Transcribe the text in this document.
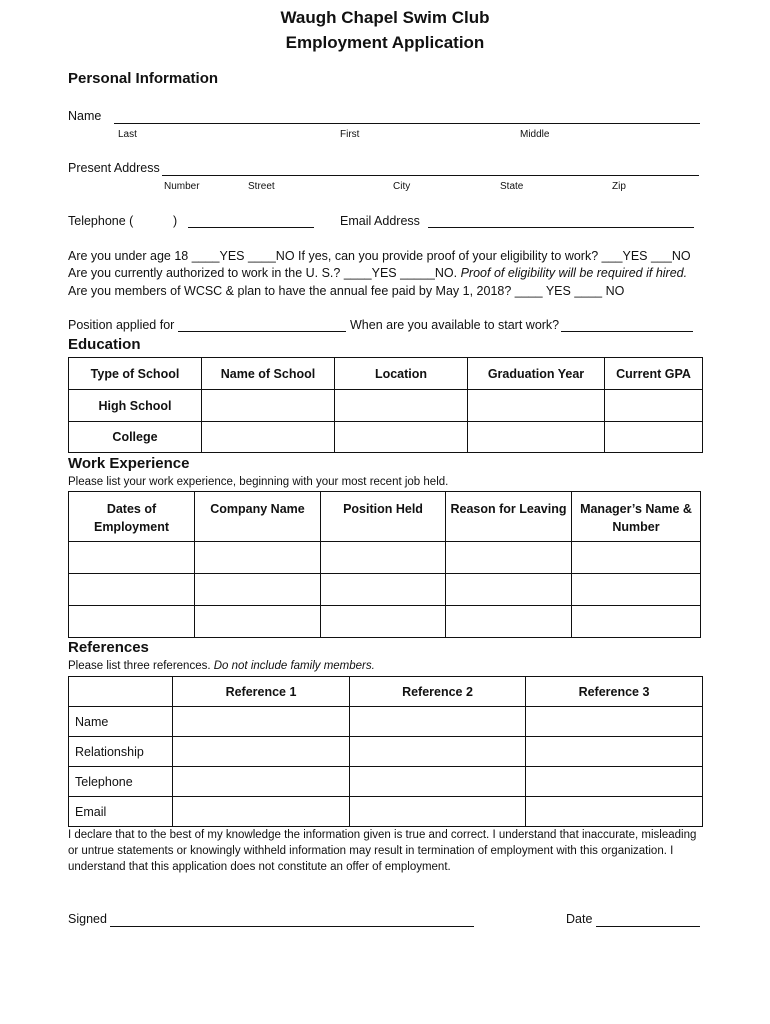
Waugh Chapel Swim Club
Employment Application
Personal Information
Name
Last	First	Middle
Present Address
Number	Street	City	State	Zip
Telephone (	)	Email Address
Are you under age 18 ____YES ____NO If yes, can you provide proof of your eligibility to work? ___YES ___NO
Are you currently authorized to work in the U. S.? ____YES _____NO. Proof of eligibility will be required if hired.
Are you members of WCSC & plan to have the annual fee paid by May 1, 2018? ____ YES ____ NO
Position applied for	When are you available to start work?
Education
Type of School	Name of School	Location	Graduation Year	Current GPA
High School				
College				
Work Experience
Please list your work experience, beginning with your most recent job held.
Dates of Employment	Company Name	Position Held	Reason for Leaving	Manager’s Name & Number

References
Please list three references. Do not include family members.
	Reference 1	Reference 2	Reference 3
Name			
Relationship			
Telephone			
Email			
I declare that to the best of my knowledge the information given is true and correct. I understand that inaccurate, misleading or untrue statements or knowingly withheld information may result in termination of employment with this organization. I understand that this application does not constitute an offer of employment.
Signed	Date
